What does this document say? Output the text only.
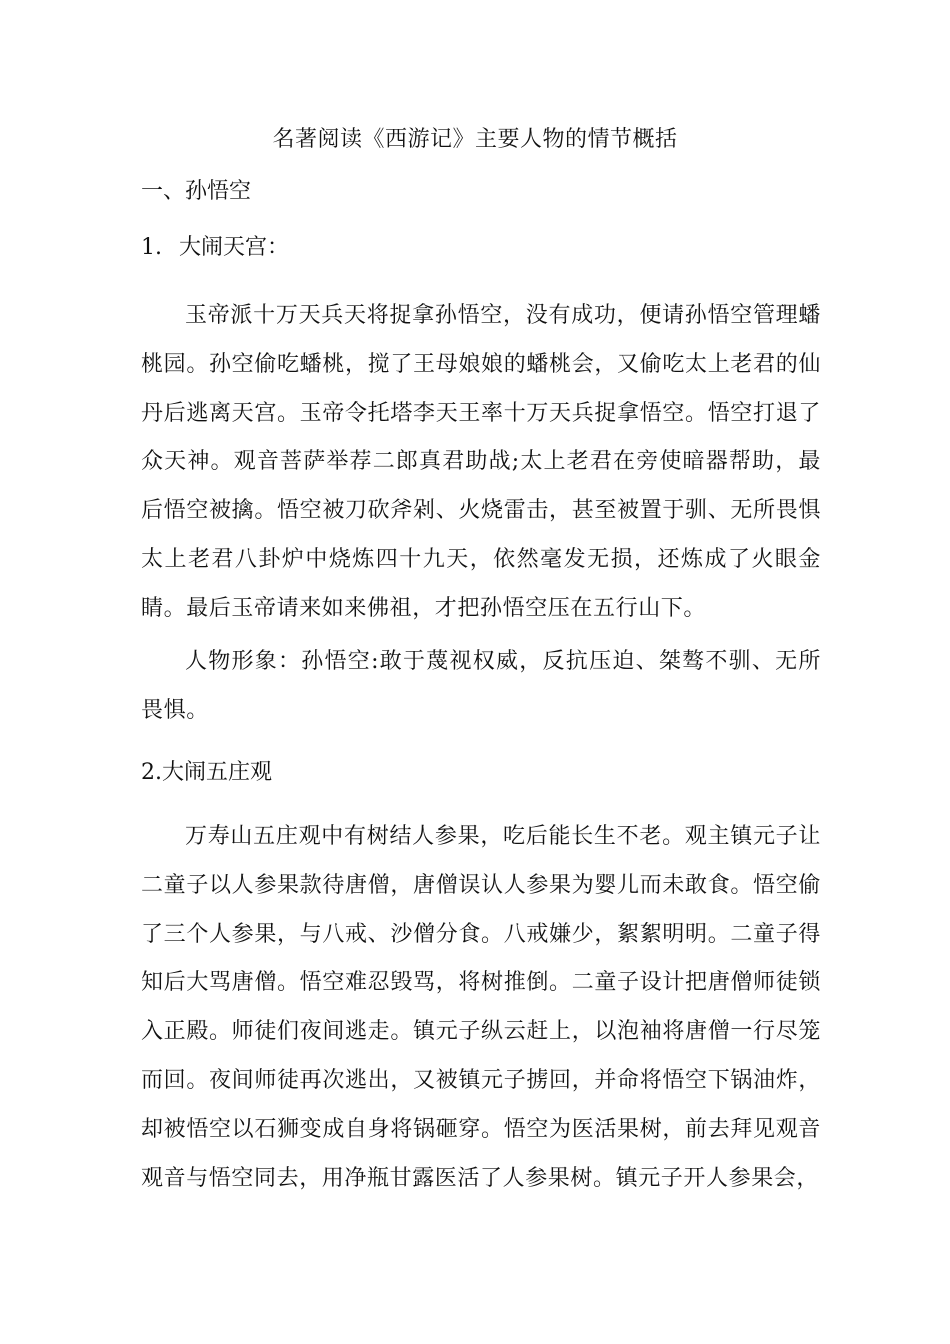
名著阅读《西游记》主要人物的情节概括
一、孙悟空
1. 大闹天宫：

玉帝派十万天兵天将捉拿孙悟空，没有成功，便请孙悟空管理蟠桃园。孙空偷吃蟠桃，搅了王母娘娘的蟠桃会，又偷吃太上老君的仙丹后逃离天宫。玉帝令托塔李天王率十万天兵捉拿悟空。悟空打退了众天神。观音菩萨举荐二郎真君助战;太上老君在旁使暗器帮助，最后悟空被擒。悟空被刀砍斧剁、火烧雷击，甚至被置于驯、无所畏惧太上老君八卦炉中烧炼四十九天，依然毫发无损，还炼成了火眼金睛。最后玉帝请来如来佛祖，才把孙悟空压在五行山下。

人物形象：孙悟空:敢于蔑视权威，反抗压迫、桀骜不驯、无所畏惧。

2.大闹五庄观

万寿山五庄观中有树结人参果，吃后能长生不老。观主镇元子让二童子以人参果款待唐僧，唐僧误认人参果为婴儿而未敢食。悟空偷了三个人参果，与八戒、沙僧分食。八戒嫌少，絮絮明明。二童子得知后大骂唐僧。悟空难忍毁骂，将树推倒。二童子设计把唐僧师徒锁入正殿。师徒们夜间逃走。镇元子纵云赶上，以泡袖将唐僧一行尽笼而回。夜间师徒再次逃出，又被镇元子掳回，并命将悟空下锅油炸，却被悟空以石狮变成自身将锅砸穿。悟空为医活果树，前去拜见观音观音与悟空同去，用净瓶甘露医活了人参果树。镇元子开人参果会，
